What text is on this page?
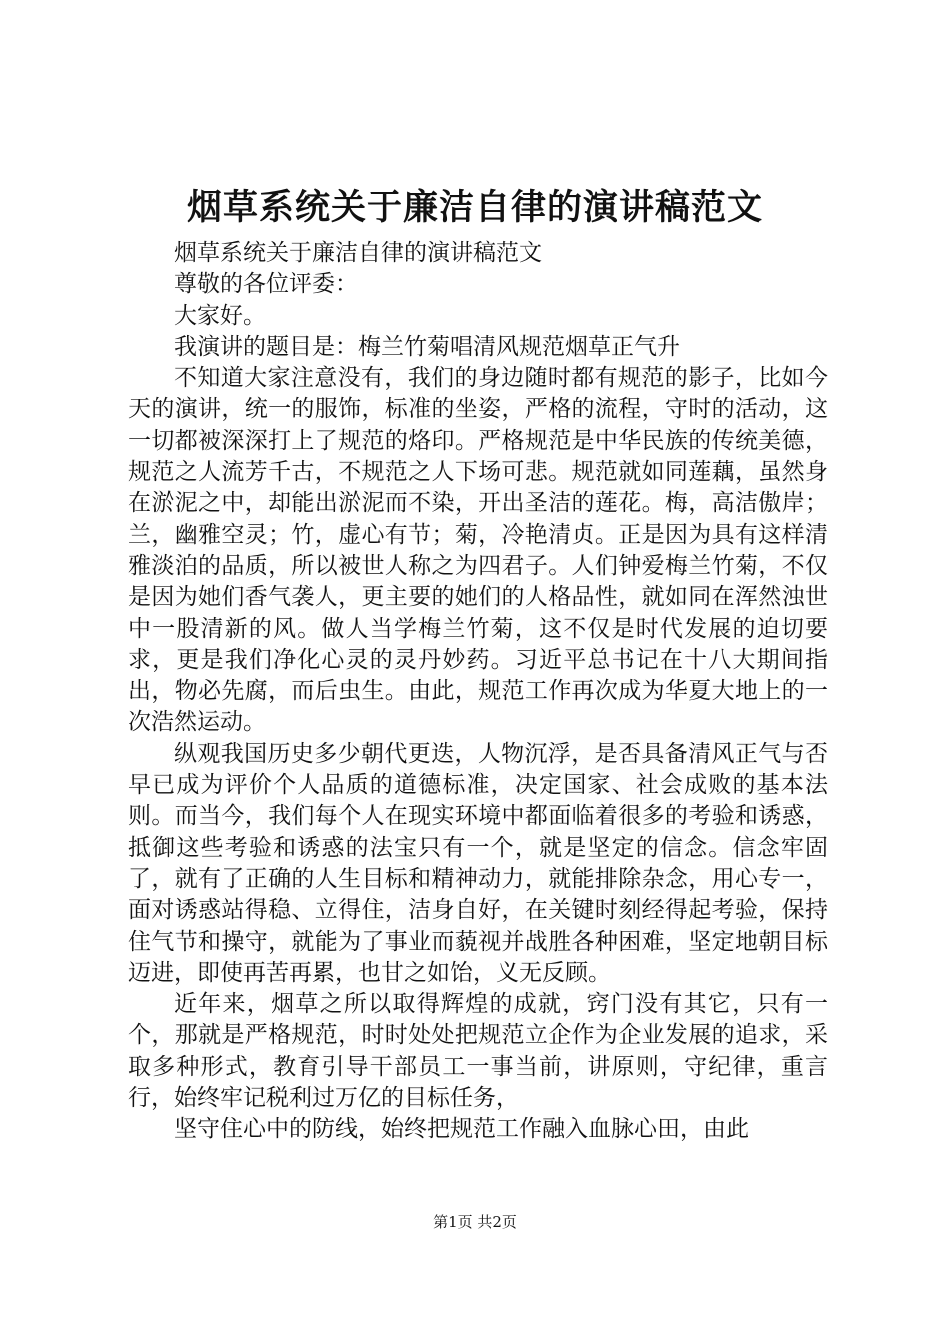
烟草系统关于廉洁自律的演讲稿范文

烟草系统关于廉洁自律的演讲稿范文

尊敬的各位评委：

大家好。

我演讲的题目是：梅兰竹菊唱清风规范烟草正气升

不知道大家注意没有，我们的身边随时都有规范的影子，比如今天的演讲，统一的服饰，标准的坐姿，严格的流程，守时的活动，这一切都被深深打上了规范的烙印。严格规范是中华民族的传统美德，规范之人流芳千古，不规范之人下场可悲。规范就如同莲藕，虽然身在淤泥之中，却能出淤泥而不染，开出圣洁的莲花。梅，高洁傲岸；兰，幽雅空灵；竹，虚心有节；菊，冷艳清贞。正是因为具有这样清雅淡泊的品质，所以被世人称之为四君子。人们钟爱梅兰竹菊，不仅是因为她们香气袭人，更主要的她们的人格品性，就如同在浑然浊世中一股清新的风。做人当学梅兰竹菊，这不仅是时代发展的迫切要求，更是我们净化心灵的灵丹妙药。习近平总书记在十八大期间指出，物必先腐，而后虫生。由此，规范工作再次成为华夏大地上的一次浩然运动。

纵观我国历史多少朝代更迭，人物沉浮，是否具备清风正气与否早已成为评价个人品质的道德标准，决定国家、社会成败的基本法则。而当今，我们每个人在现实环境中都面临着很多的考验和诱惑，抵御这些考验和诱惑的法宝只有一个，就是坚定的信念。信念牢固了，就有了正确的人生目标和精神动力，就能排除杂念，用心专一，面对诱惑站得稳、立得住，洁身自好，在关键时刻经得起考验，保持住气节和操守，就能为了事业而藐视并战胜各种困难，坚定地朝目标迈进，即使再苦再累，也甘之如饴，义无反顾。

近年来，烟草之所以取得辉煌的成就，窍门没有其它，只有一个，那就是严格规范，时时处处把规范立企作为企业发展的追求，采取多种形式，教育引导干部员工一事当前，讲原则，守纪律，重言行，始终牢记税利过万亿的目标任务，

坚守住心中的防线，始终把规范工作融入血脉心田，由此

第1页 共2页
